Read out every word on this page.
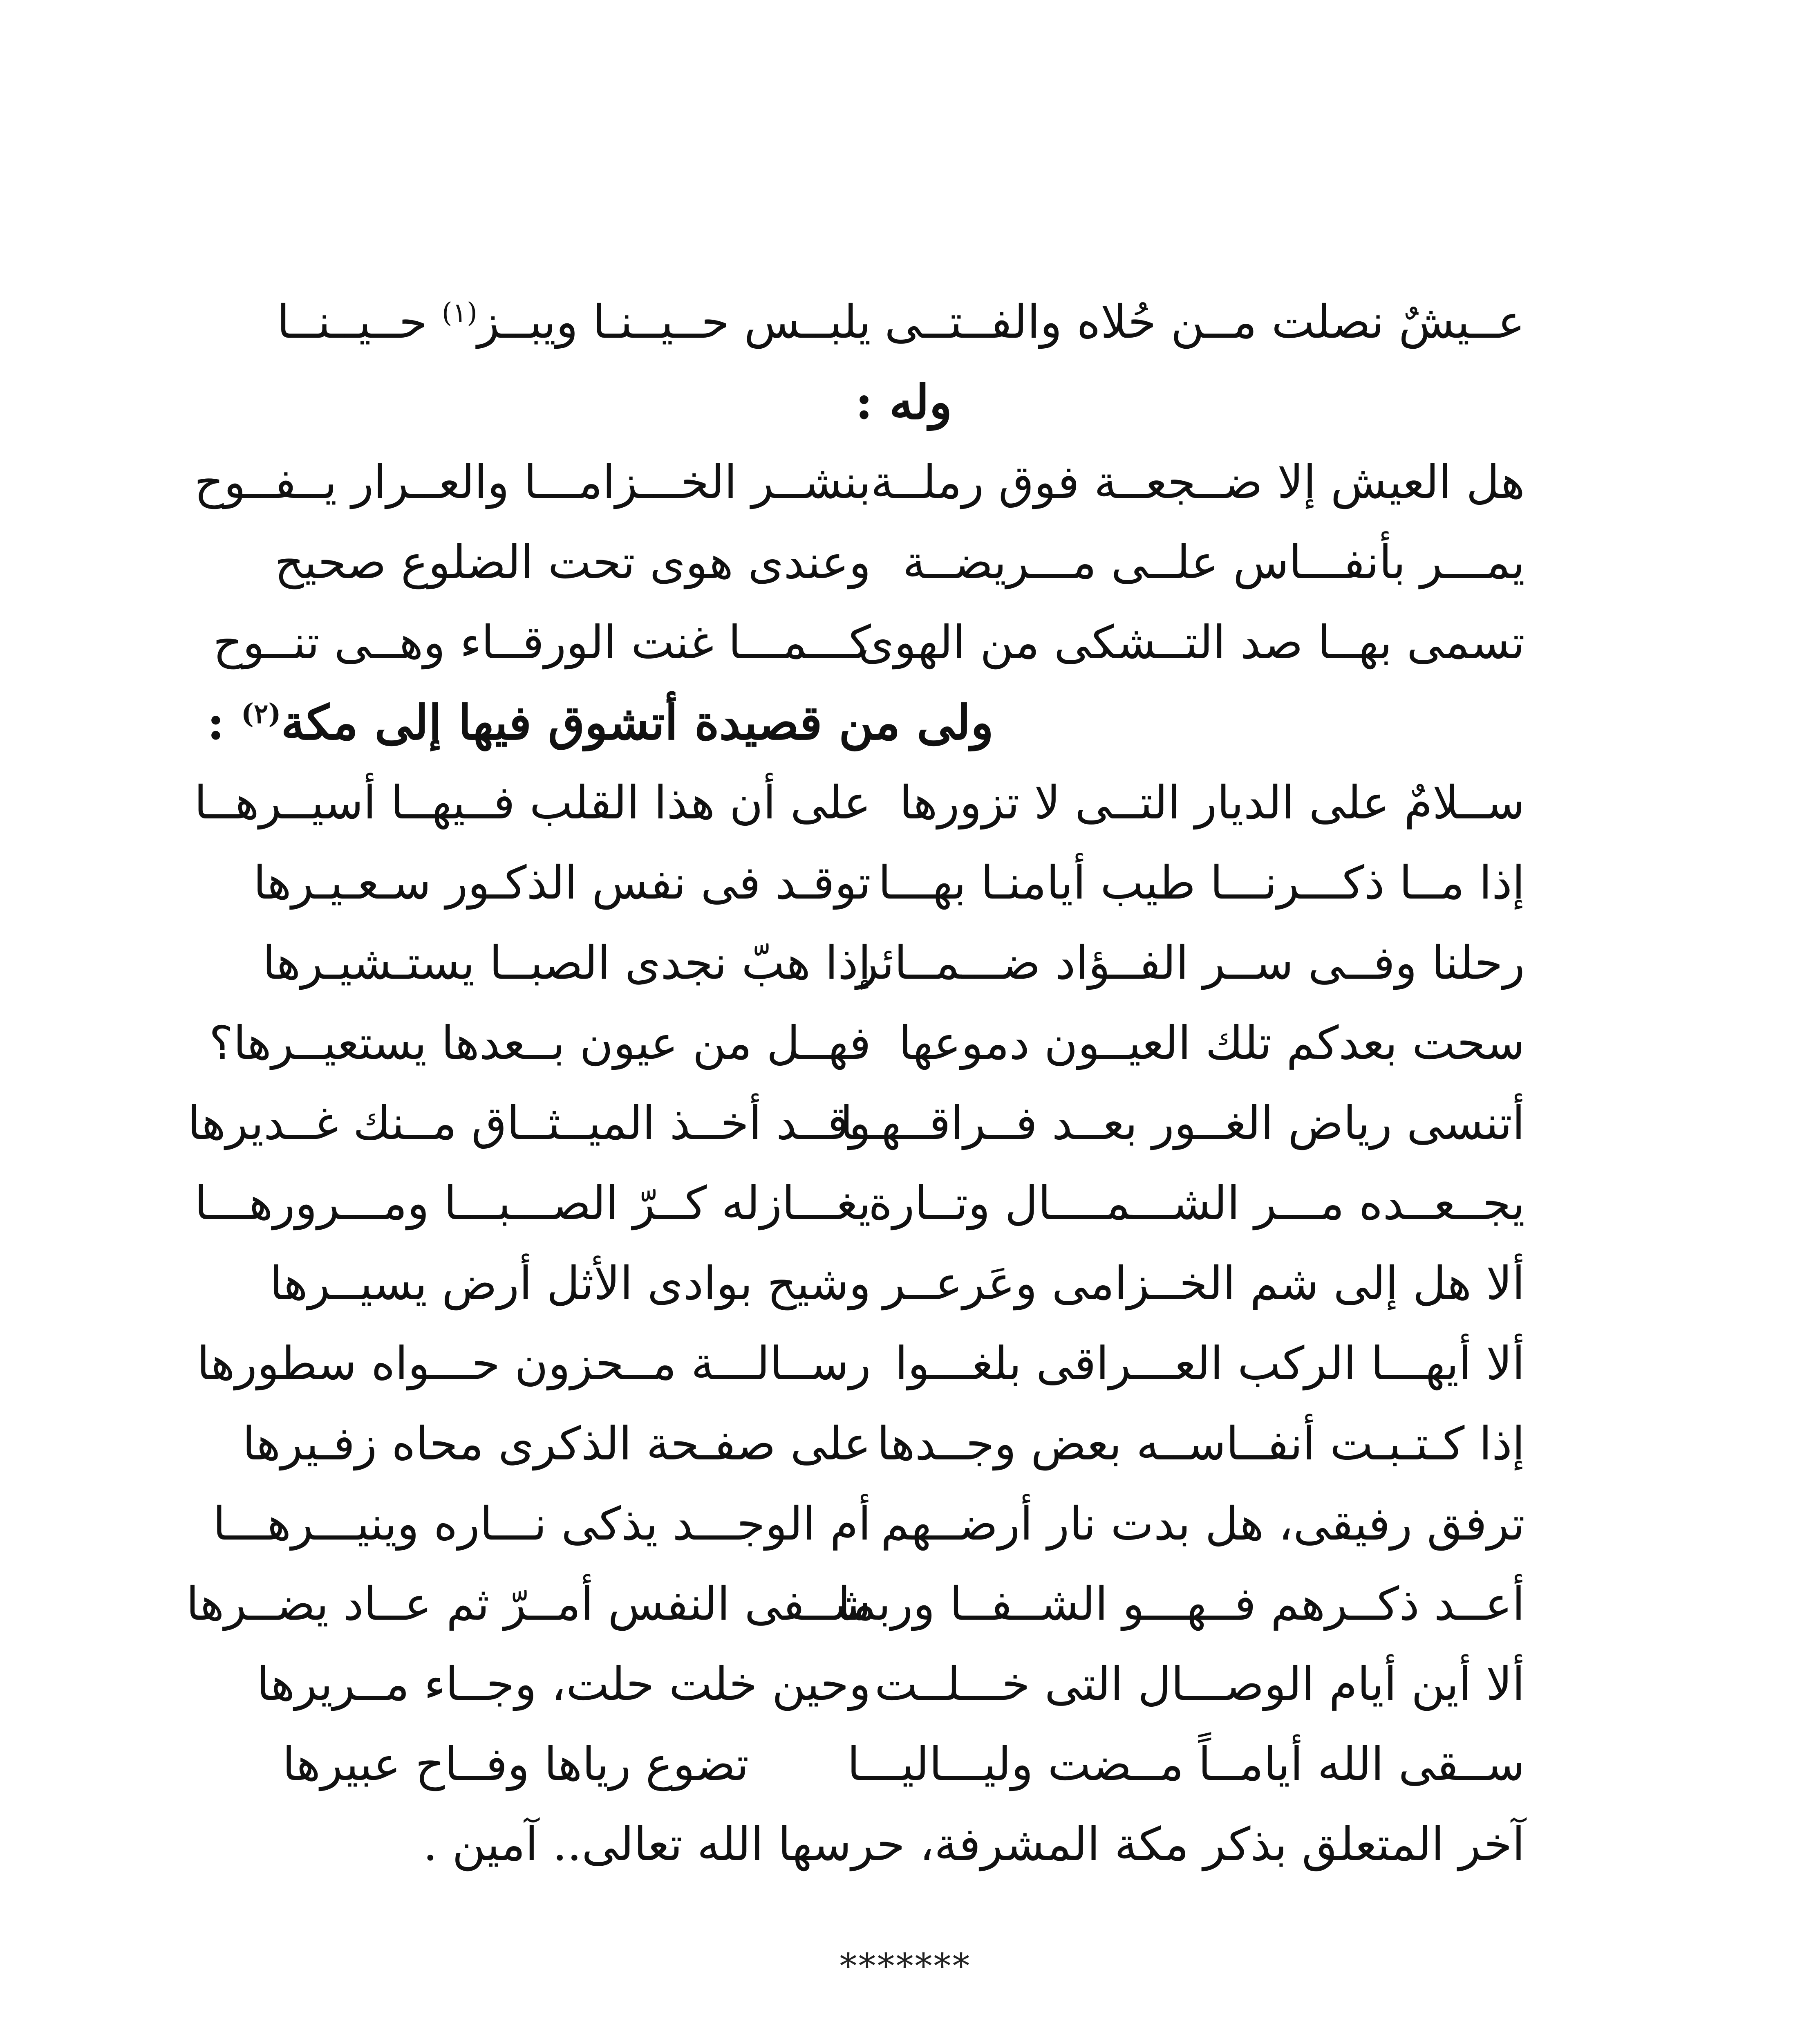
عــيشٌ نصلت مــن حُلاه والفــتــى
يلبــس حــيــنـا ويبــز$^{(١)}$ حــيــنــا
وله :
هل العيش إلا ضــجعــة فوق رملــة
بنشــر الخـــزامـــا والعــرار يــفــوح
يمـــر بأنفـــاس علــى مـــريضــة
وعندى هوى تحت الضلوع صحيح
تسمى بهــا صد التــشكى من الهوى
كـــمـــا غنت الورقــاء وهــى تنــوح
ولى من قصيدة أتشوق فيها إلى مكة$^{(٢)}$ :
ســلامٌ على الديار التــى لا تزورها
على أن هذا القلب فــيهــا أسيــرهــا
إذا مــا ذكـــرنـــا طيب أيامنـا بهـــا
توقـد فى نفس الذكـور سـعـيـرها
رحلنا وفــى ســر الفــؤاد ضـــمــائر
إذا هبّ نجدى الصبــا يستـشيـرها
سحت بعدكم تلك العيــون دموعها
فهــل من عيون بــعدها يستعيــرها؟
أتنسى رياض الغــور بعــد فــراقــهــا
وقــد أخــذ الميــثــاق مــنك غــديرها
يجــعــده مـــر الشـــمــــال وتــارة
يغـــازله كــرّ الصـــبـــا ومـــرورهـــا
ألا هل إلى شم الخــزامى وعَرعــر
وشيح بوادى الأثل أرض يسيــرها
ألا أيهـــا الركب العـــراقى بلغـــوا
رســالـــة مــحزون حـــواه سطورها
إذا كـتـبـت أنفــاســه بعض وجــدها
على صفـحة الذكرى محاه زفـيرها
ترفق رفيقى، هل بدت نار أرضــهم
أم الوجـــد يذكى نـــاره وينيـــرهـــا
أعــد ذكــرهم فــهـــو الشــفــا وربما
شــفى النفس أمــرّ ثم عــاد يضــرها
ألا أين أيام الوصـــال التى خـــلــت
وحين خلت حلت، وجــاء مــريرها
ســقى الله أيامــاً مــضت وليـــاليـــا
تضوع رياها وفــاح عبيرها
آخر المتعلق بذكر مكة المشرفة، حرسها الله تعالى.. آمين .
*******
